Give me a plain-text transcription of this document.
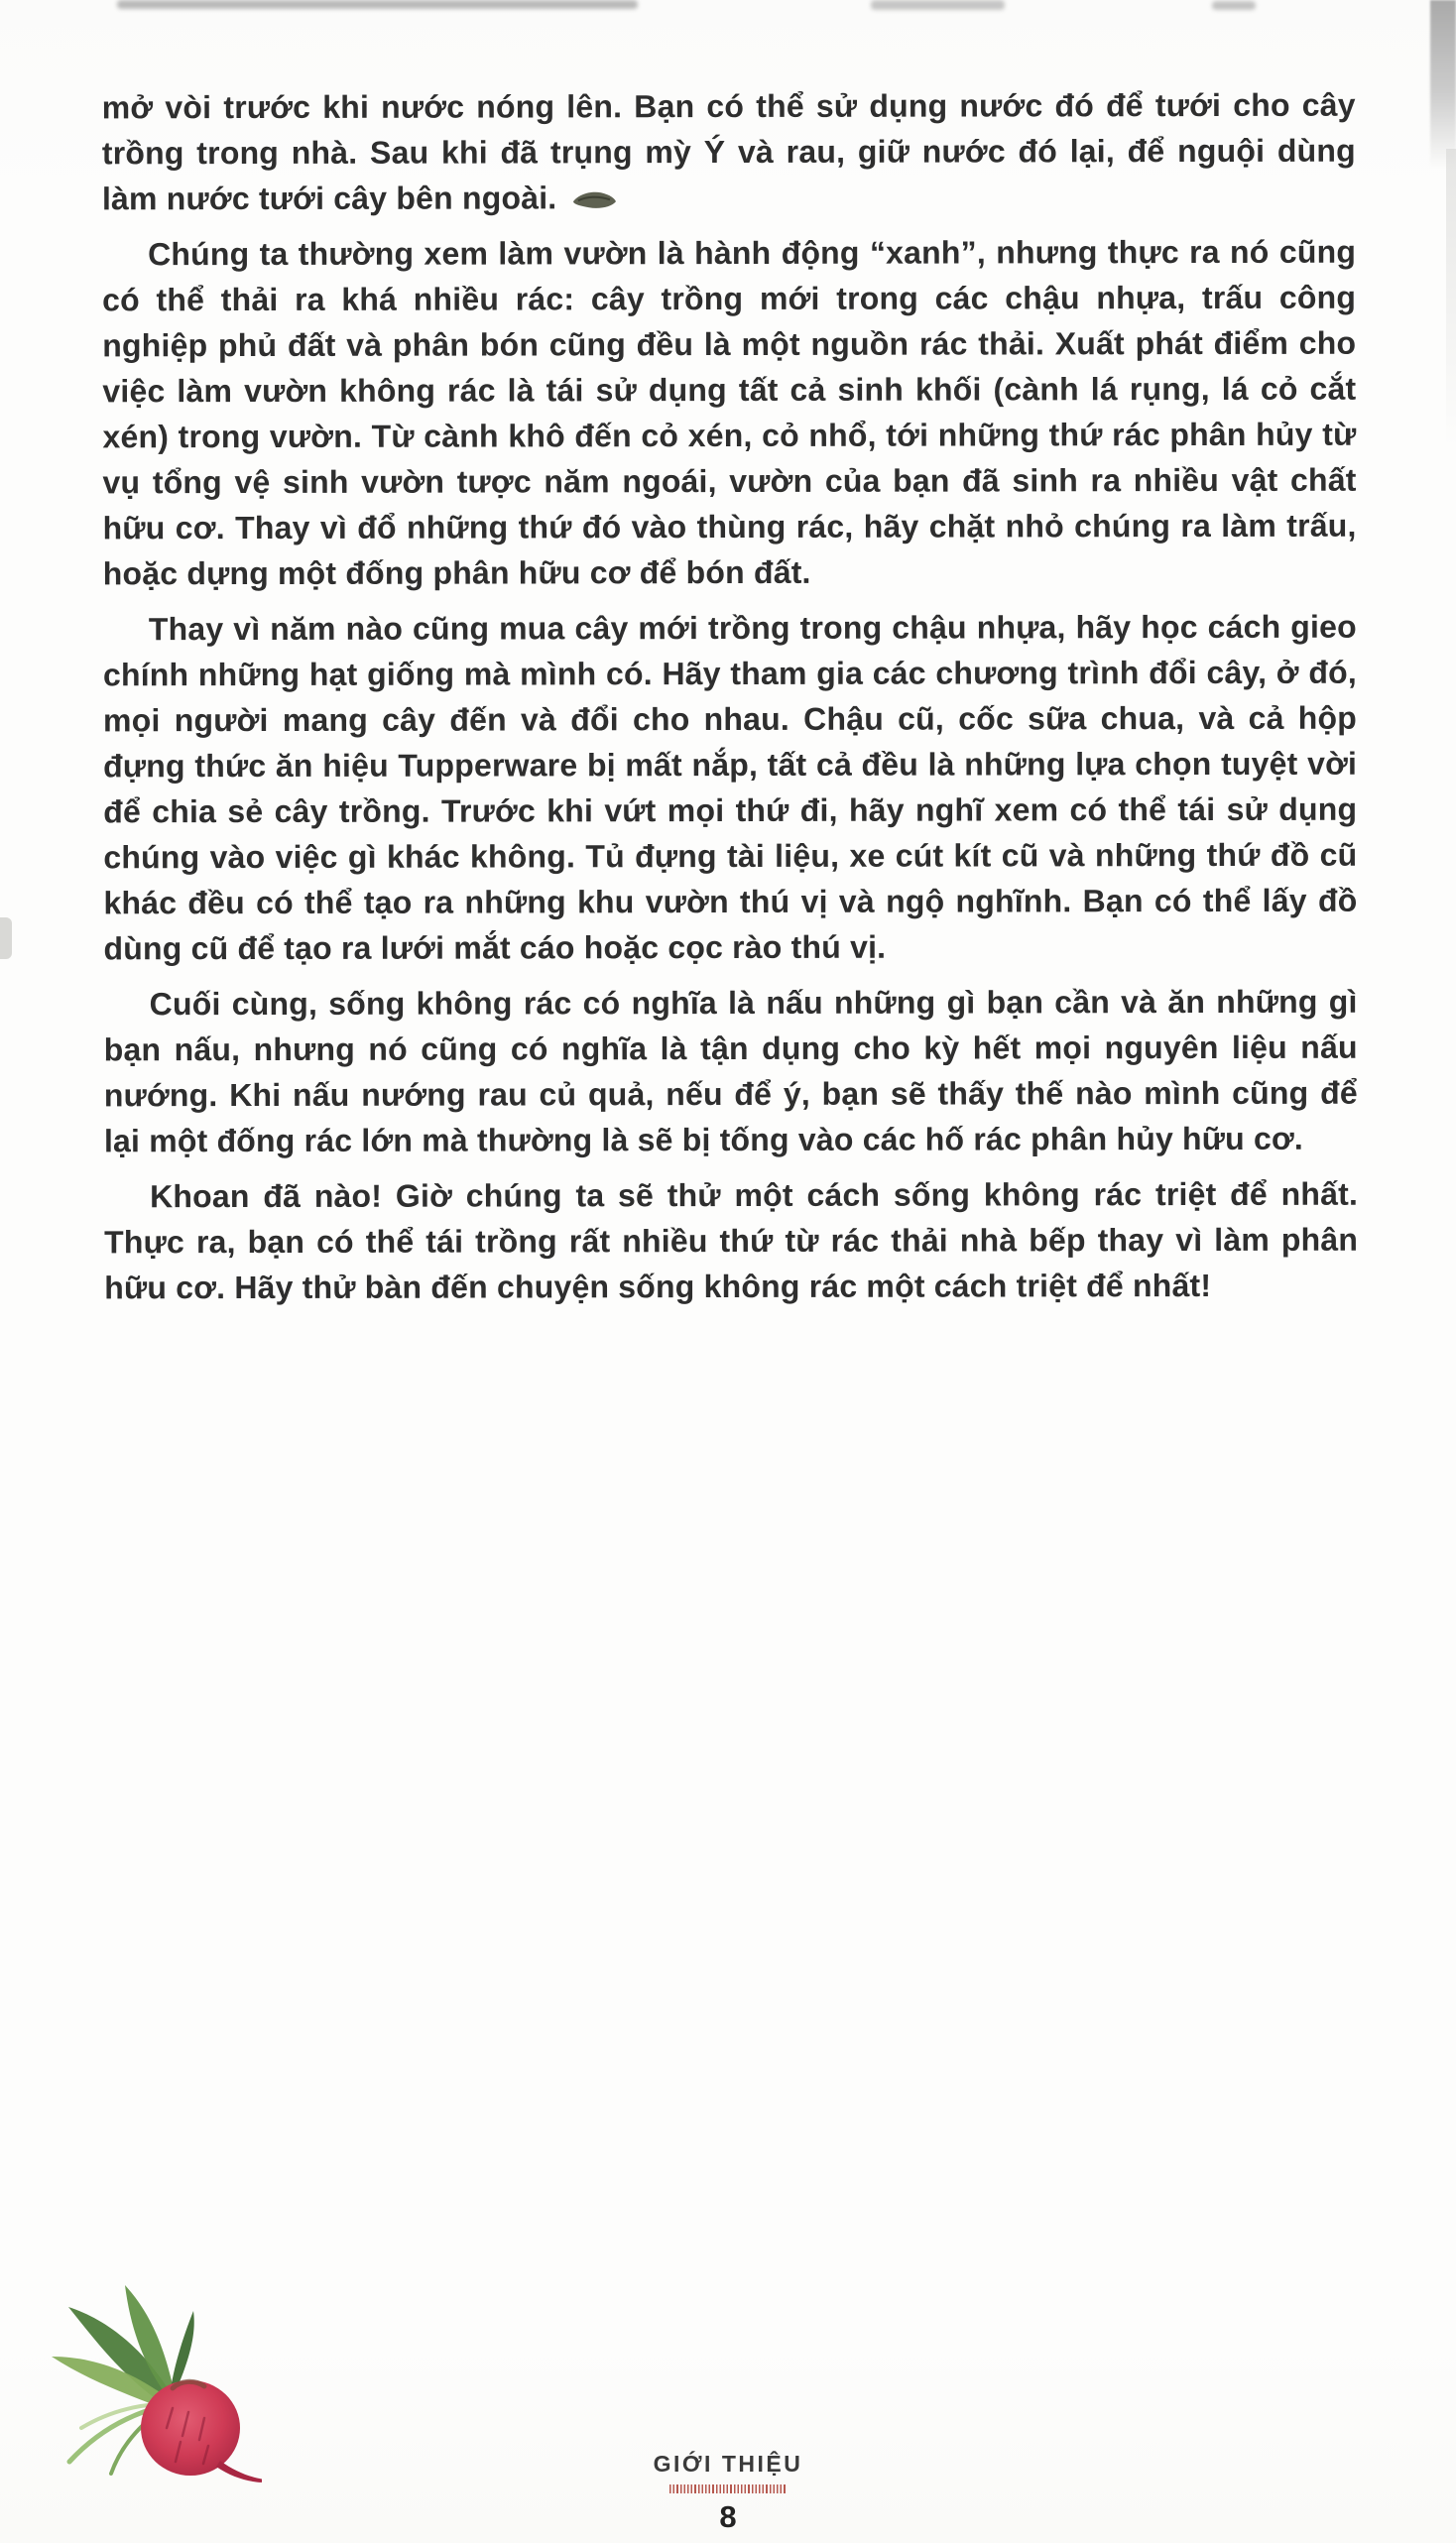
mở vòi trước khi nước nóng lên. Bạn có thể sử dụng nước đó để tưới cho cây trồng trong nhà. Sau khi đã trụng mỳ Ý và rau, giữ nước đó lại, để nguội dùng làm nước tưới cây bên ngoài.

Chúng ta thường xem làm vườn là hành động “xanh”, nhưng thực ra nó cũng có thể thải ra khá nhiều rác: cây trồng mới trong các chậu nhựa, trấu công nghiệp phủ đất và phân bón cũng đều là một nguồn rác thải. Xuất phát điểm cho việc làm vườn không rác là tái sử dụng tất cả sinh khối (cành lá rụng, lá cỏ cắt xén) trong vườn. Từ cành khô đến cỏ xén, cỏ nhổ, tới những thứ rác phân hủy từ vụ tổng vệ sinh vườn tược năm ngoái, vườn của bạn đã sinh ra nhiều vật chất hữu cơ. Thay vì đổ những thứ đó vào thùng rác, hãy chặt nhỏ chúng ra làm trấu, hoặc dựng một đống phân hữu cơ để bón đất.

Thay vì năm nào cũng mua cây mới trồng trong chậu nhựa, hãy học cách gieo chính những hạt giống mà mình có. Hãy tham gia các chương trình đổi cây, ở đó, mọi người mang cây đến và đổi cho nhau. Chậu cũ, cốc sữa chua, và cả hộp đựng thức ăn hiệu Tupperware bị mất nắp, tất cả đều là những lựa chọn tuyệt vời để chia sẻ cây trồng. Trước khi vứt mọi thứ đi, hãy nghĩ xem có thể tái sử dụng chúng vào việc gì khác không. Tủ đựng tài liệu, xe cút kít cũ và những thứ đồ cũ khác đều có thể tạo ra những khu vườn thú vị và ngộ nghĩnh. Bạn có thể lấy đồ dùng cũ để tạo ra lưới mắt cáo hoặc cọc rào thú vị.

Cuối cùng, sống không rác có nghĩa là nấu những gì bạn cần và ăn những gì bạn nấu, nhưng nó cũng có nghĩa là tận dụng cho kỳ hết mọi nguyên liệu nấu nướng. Khi nấu nướng rau củ quả, nếu để ý, bạn sẽ thấy thế nào mình cũng để lại một đống rác lớn mà thường là sẽ bị tống vào các hố rác phân hủy hữu cơ.

Khoan đã nào! Giờ chúng ta sẽ thử một cách sống không rác triệt để nhất. Thực ra, bạn có thể tái trồng rất nhiều thứ từ rác thải nhà bếp thay vì làm phân hữu cơ. Hãy thử bàn đến chuyện sống không rác một cách triệt để nhất!

GIỚI THIỆU
8
